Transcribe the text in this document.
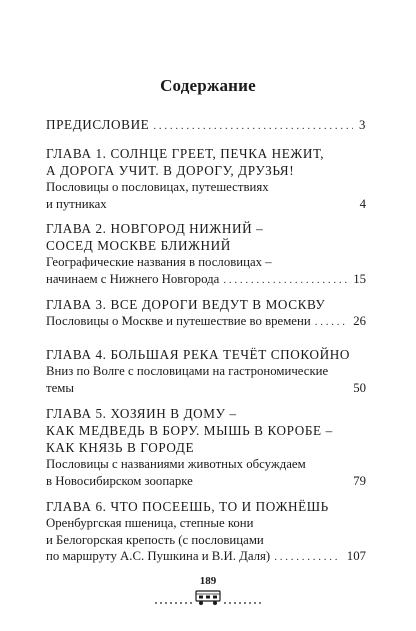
Содержание
ПРЕДИСЛОВИЕ . . .	3
ГЛАВА 1. СОЛНЦЕ ГРЕЕТ, ПЕЧКА НЕЖИТ,
А ДОРОГА УЧИТ. В ДОРОГУ, ДРУЗЬЯ!
Пословицы о пословицах, путешествиях
и путниках	4
ГЛАВА 2. НОВГОРОД НИЖНИЙ –
СОСЕД МОСКВЕ БЛИЖНИЙ
Географические названия в пословицах –
начинаем с Нижнего Новгорода . . .	15
ГЛАВА 3. ВСЕ ДОРОГИ ВЕДУТ В МОСКВУ
Пословицы о Москве и путешествие во времени . . .	26
ГЛАВА 4. БОЛЬШАЯ РЕКА ТЕЧЁТ СПОКОЙНО
Вниз по Волге с пословицами на гастрономические
темы	50
ГЛАВА 5. ХОЗЯИН В ДОМУ –
КАК МЕДВЕДЬ В БОРУ. МЫШЬ В КОРОБЕ –
КАК КНЯЗЬ В ГОРОДЕ
Пословицы с названиями животных обсуждаем
в Новосибирском зоопарке	79
ГЛАВА 6. ЧТО ПОСЕЕШЬ, ТО И ПОЖНЁШЬ
Оренбургская пшеница, степные кони
и Белогорская крепость (с пословицами
по маршруту А.С. Пушкина и В.И. Даля) . . .	107
189
